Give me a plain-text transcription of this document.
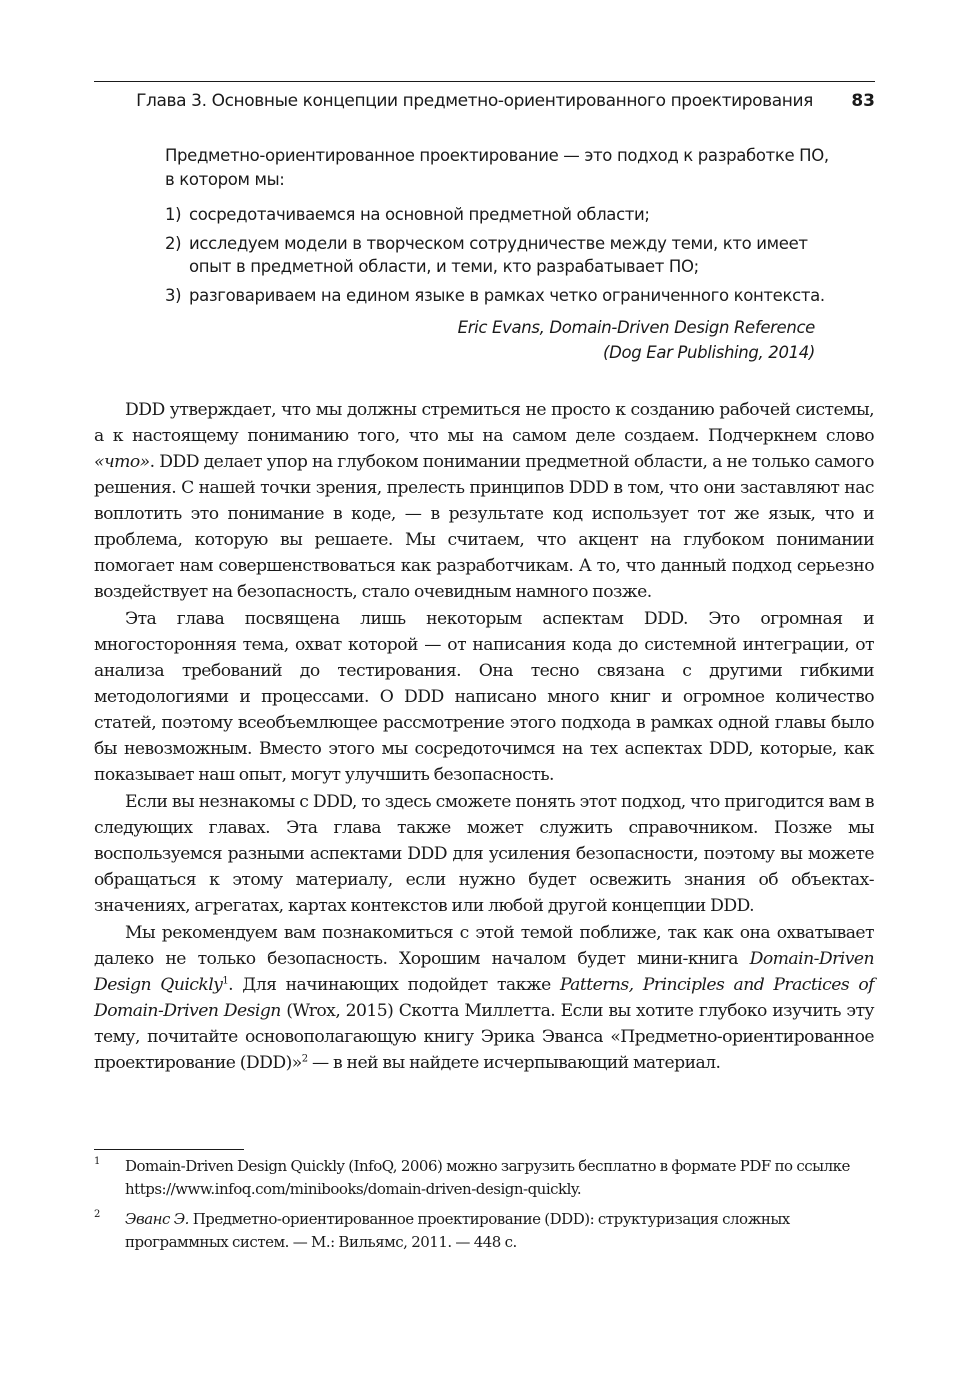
Глава 3. Основные концепции предметно-ориентированного проектирования 83

Предметно-ориентированное проектирование — это подход к разработке ПО, в котором мы:

1) сосредотачиваемся на основной предметной области;

2) исследуем модели в творческом сотрудничестве между теми, кто имеет опыт в предметной области, и теми, кто разрабатывает ПО;

3) разговариваем на едином языке в рамках четко ограниченного контекста.

Eric Evans, Domain-Driven Design Reference
(Dog Ear Publishing, 2014)

DDD утверждает, что мы должны стремиться не просто к созданию рабочей системы, а к настоящему пониманию того, что мы на самом деле создаем. Подчеркнем слово «что». DDD делает упор на глубоком понимании предметной области, а не только самого решения. С нашей точки зрения, прелесть принципов DDD в том, что они заставляют нас воплотить это понимание в коде, — в результате код использует тот же язык, что и проблема, которую вы решаете. Мы считаем, что акцент на глубоком понимании помогает нам совершенствоваться как разработчикам. А то, что данный подход серьезно воздействует на безопасность, стало очевидным намного позже.

Эта глава посвящена лишь некоторым аспектам DDD. Это огромная и многосторонняя тема, охват которой — от написания кода до системной интеграции, от анализа требований до тестирования. Она тесно связана с другими гибкими методологиями и процессами. О DDD написано много книг и огромное количество статей, поэтому всеобъемлющее рассмотрение этого подхода в рамках одной главы было бы невозможным. Вместо этого мы сосредоточимся на тех аспектах DDD, которые, как показывает наш опыт, могут улучшить безопасность.

Если вы незнакомы с DDD, то здесь сможете понять этот подход, что пригодится вам в следующих главах. Эта глава также может служить справочником. Позже мы воспользуемся разными аспектами DDD для усиления безопасности, поэтому вы можете обращаться к этому материалу, если нужно будет освежить знания об объектах-значениях, агрегатах, картах контекстов или любой другой концепции DDD.

Мы рекомендуем вам познакомиться с этой темой поближе, так как она охватывает далеко не только безопасность. Хорошим началом будет мини-книга Domain-Driven Design Quickly$^1$. Для начинающих подойдет также Patterns, Principles and Practices of Domain-Driven Design (Wrox, 2015) Скотта Миллетта. Если вы хотите глубоко изучить эту тему, почитайте основополагающую книгу Эрика Эванса «Предметно-ориентированное проектирование (DDD)»$^2$ — в ней вы найдете исчерпывающий материал.

1 Domain-Driven Design Quickly (InfoQ, 2006) можно загрузить бесплатно в формате PDF по ссылке https://www.infoq.com/minibooks/domain-driven-design-quickly.
2 Эванс Э. Предметно-ориентированное проектирование (DDD): структуризация сложных программных систем. — М.: Вильямс, 2011. — 448 с.
